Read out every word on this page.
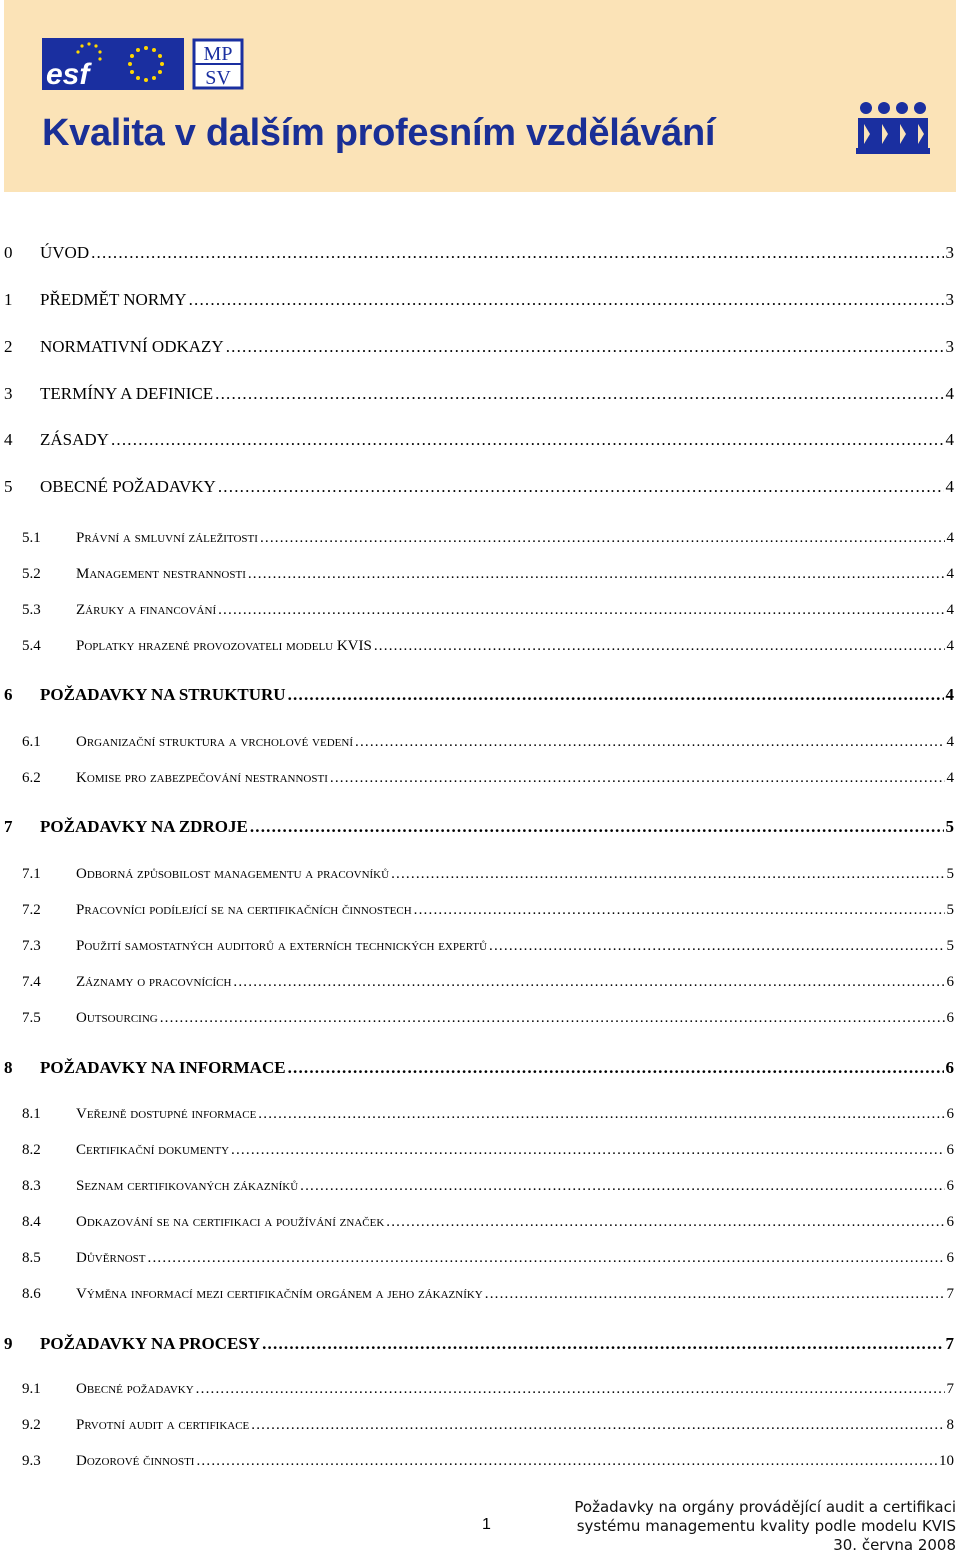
esf
MP
SV
Kvalita v dalším profesním vzdělávání
0 ÚVOD .....	3
1 PŘEDMĚT NORMY .....	3
2 NORMATIVNÍ ODKAZY .....	3
3 TERMÍNY A DEFINICE .....	4
4 ZÁSADY .....	4
5 OBECNÉ POŽADAVKY .....	4
5.1 Právní a smluvní záležitosti .....	4
5.2 Management nestrannosti .....	4
5.3 Záruky a financování .....	4
5.4 Poplatky hrazené provozovateli modelu KVIS .....	4
6 POŽADAVKY NA STRUKTURU .....	4
6.1 Organizační struktura a vrcholové vedení .....	4
6.2 Komise pro zabezpečování nestrannosti .....	4
7 POŽADAVKY NA ZDROJE .....	5
7.1 Odborná způsobilost managementu a pracovníků .....	5
7.2 Pracovníci podílející se na certifikačních činnostech .....	5
7.3 Použití samostatných auditorů a externích technických expertů .....	5
7.4 Záznamy o pracovnících .....	6
7.5 Outsourcing .....	6
8 POŽADAVKY NA INFORMACE .....	6
8.1 Veřejně dostupné informace .....	6
8.2 Certifikační dokumenty .....	6
8.3 Seznam certifikovaných zákazníků .....	6
8.4 Odkazování se na certifikaci a používání značek .....	6
8.5 Důvěrnost .....	6
8.6 Výměna informací mezi certifikačním orgánem a jeho zákazníky .....	7
9 POŽADAVKY NA PROCESY .....	7
9.1 Obecné požadavky .....	7
9.2 Prvotní audit a certifikace .....	8
9.3 Dozorové činnosti .....	10
1
Požadavky na orgány provádějící audit a certifikaci
systému managementu kvality podle modelu KVIS
30. června 2008
